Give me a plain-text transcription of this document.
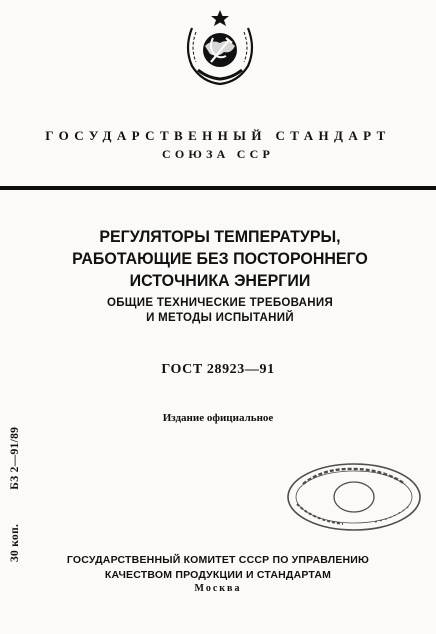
ГОСУДАРСТВЕННЫЙ СТАНДАРТ
СОЮЗА ССР
РЕГУЛЯТОРЫ ТЕМПЕРАТУРЫ,
РАБОТАЮЩИЕ БЕЗ ПОСТОРОННЕГО
ИСТОЧНИКА ЭНЕРГИИ
ОБЩИЕ ТЕХНИЧЕСКИЕ ТРЕБОВАНИЯ
И МЕТОДЫ ИСПЫТАНИЙ
ГОСТ 28923—91
Издание официальное
30 коп.БЗ 2—91/89
ГОСУДАРСТВЕННЫЙ КОМИТЕТ СССР ПО УПРАВЛЕНИЮ
КАЧЕСТВОМ ПРОДУКЦИИ И СТАНДАРТАМ
Москва
